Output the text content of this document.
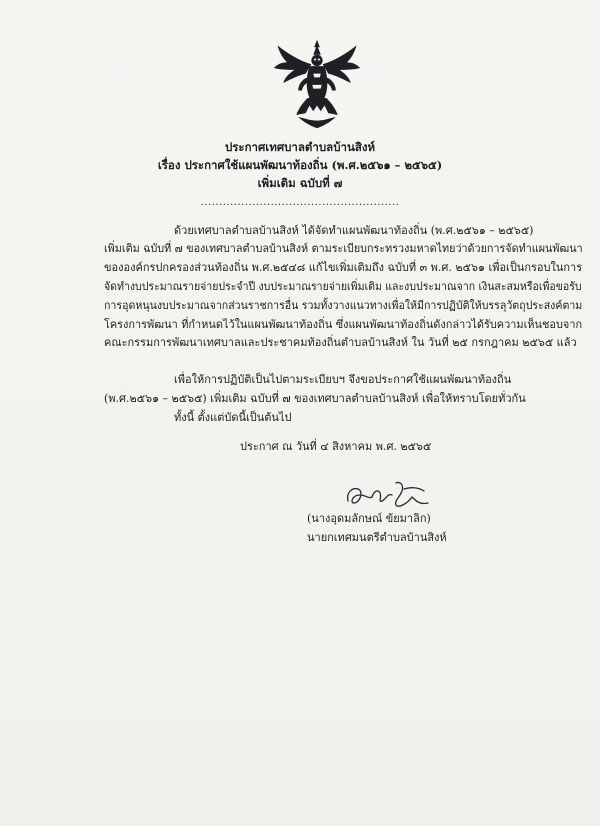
ประกาศเทศบาลตำบลบ้านสิงห์
เรื่อง ประกาศใช้แผนพัฒนาท้องถิ่น (พ.ศ.๒๕๖๑ – ๒๕๖๕)
เพิ่มเติม ฉบับที่ ๗
......................................................
ด้วยเทศบาลตำบลบ้านสิงห์ ได้จัดทำแผนพัฒนาท้องถิ่น (พ.ศ.๒๕๖๑ – ๒๕๖๕)
เพิ่มเติม ฉบับที่ ๗ ของเทศบาลตำบลบ้านสิงห์ ตามระเบียบกระทรวงมหาดไทยว่าด้วยการจัดทำแผนพัฒนา
ขององค์กรปกครองส่วนท้องถิ่น พ.ศ.๒๕๔๘ แก้ไขเพิ่มเติมถึง ฉบับที่ ๓ พ.ศ. ๒๕๖๑ เพื่อเป็นกรอบในการ
จัดทำงบประมาณรายจ่ายประจำปี งบประมาณรายจ่ายเพิ่มเติม และงบประมาณจาก เงินสะสมหรือเพื่อขอรับ
การอุดหนุนงบประมาณจากส่วนราชการอื่น รวมทั้งวางแนวทางเพื่อให้มีการปฏิบัติให้บรรลุวัตถุประสงค์ตาม
โครงการพัฒนา ที่กำหนดไว้ในแผนพัฒนาท้องถิ่น ซึ่งแผนพัฒนาท้องถิ่นดังกล่าวได้รับความเห็นชอบจาก
คณะกรรมการพัฒนาเทศบาลและประชาคมท้องถิ่นตำบลบ้านสิงห์ ใน วันที่ ๒๕ กรกฎาคม ๒๕๖๕ แล้ว
เพื่อให้การปฏิบัติเป็นไปตามระเบียบฯ จึงขอประกาศใช้แผนพัฒนาท้องถิ่น
(พ.ศ.๒๕๖๑ – ๒๕๖๕) เพิ่มเติม ฉบับที่ ๗ ของเทศบาลตำบลบ้านสิงห์ เพื่อให้ทราบโดยทั่วกัน
ทั้งนี้ ตั้งแต่บัดนี้เป็นต้นไป
ประกาศ ณ วันที่ ๔ สิงหาคม พ.ศ. ๒๕๖๕
(นางอุดมลักษณ์ ข้ยมาลิก)
นายกเทศมนตรีตำบลบ้านสิงห์
